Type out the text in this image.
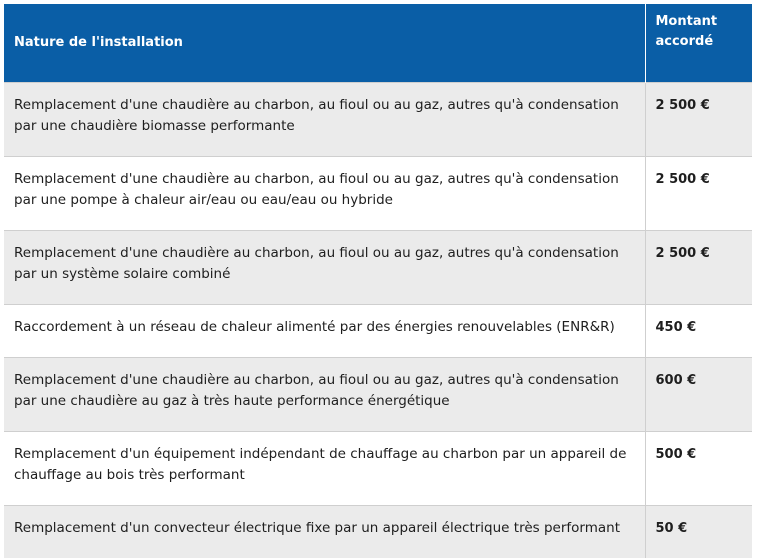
Nature de l'installation	Montant
accordé
Remplacement d'une chaudière au charbon, au fioul ou au gaz, autres qu'à condensation
par une chaudière biomasse performante	2 500 €
Remplacement d'une chaudière au charbon, au fioul ou au gaz, autres qu'à condensation
par une pompe à chaleur air/eau ou eau/eau ou hybride	2 500 €
Remplacement d'une chaudière au charbon, au fioul ou au gaz, autres qu'à condensation
par un système solaire combiné	2 500 €
Raccordement à un réseau de chaleur alimenté par des énergies renouvelables (ENR&R)	450 €
Remplacement d'une chaudière au charbon, au fioul ou au gaz, autres qu'à condensation
par une chaudière au gaz à très haute performance énergétique	600 €
Remplacement d'un équipement indépendant de chauffage au charbon par un appareil de
chauffage au bois très performant	500 €
Remplacement d'un convecteur électrique fixe par un appareil électrique très performant	50 €
